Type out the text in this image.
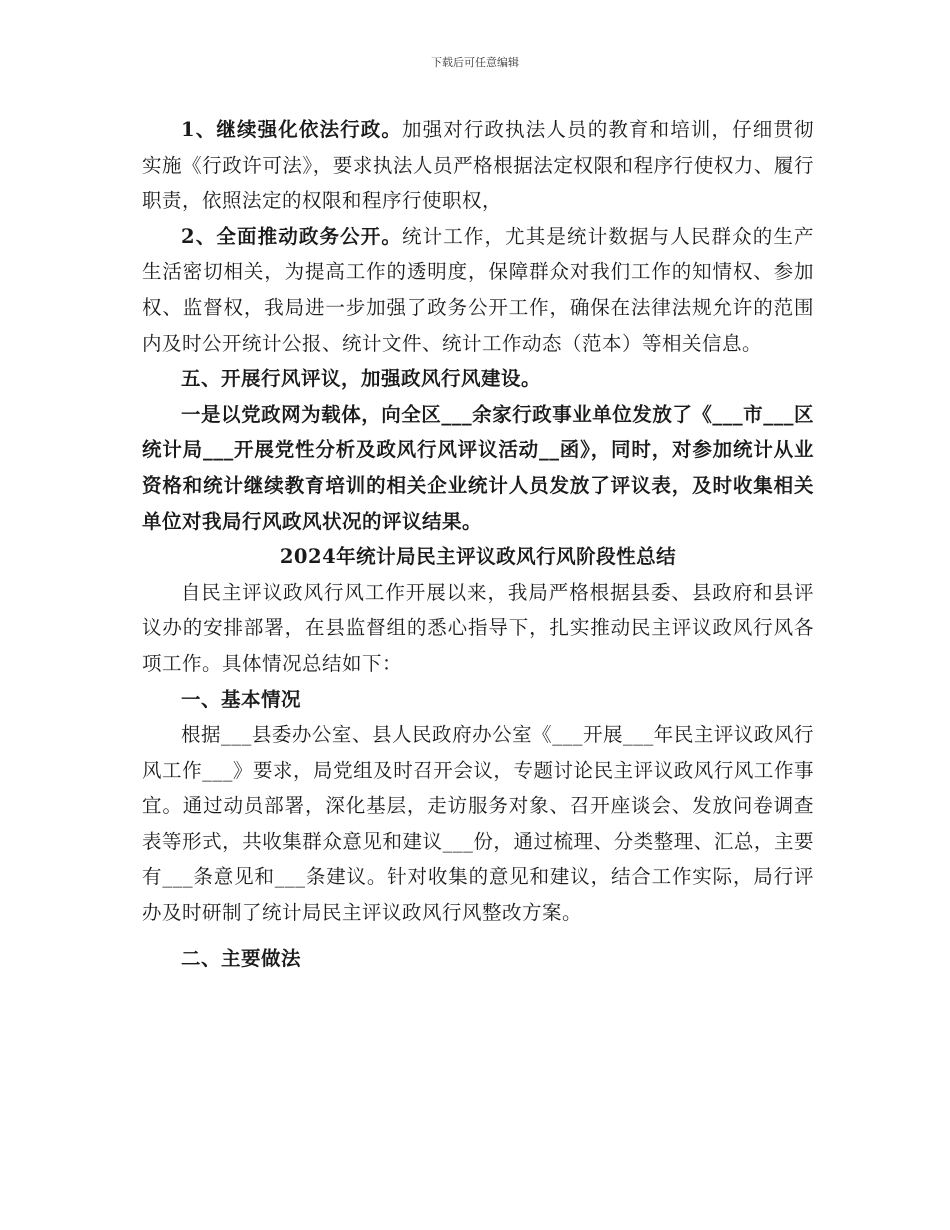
下载后可任意编辑

1、继续强化依法行政。加强对行政执法人员的教育和培训，仔细贯彻实施《行政许可法》，要求执法人员严格根据法定权限和程序行使权力、履行职责，依照法定的权限和程序行使职权，

2、全面推动政务公开。统计工作，尤其是统计数据与人民群众的生产生活密切相关，为提高工作的透明度，保障群众对我们工作的知情权、参加权、监督权，我局进一步加强了政务公开工作，确保在法律法规允许的范围内及时公开统计公报、统计文件、统计工作动态（范本）等相关信息。

五、开展行风评议，加强政风行风建设。

一是以党政网为载体，向全区___余家行政事业单位发放了《___市___区统计局___开展党性分析及政风行风评议活动__函》，同时，对参加统计从业资格和统计继续教育培训的相关企业统计人员发放了评议表，及时收集相关单位对我局行风政风状况的评议结果。

2024年统计局民主评议政风行风阶段性总结

自民主评议政风行风工作开展以来，我局严格根据县委、县政府和县评议办的安排部署，在县监督组的悉心指导下，扎实推动民主评议政风行风各项工作。具体情况总结如下：

一、基本情况

根据___县委办公室、县人民政府办公室《___开展___年民主评议政风行风工作___》要求，局党组及时召开会议，专题讨论民主评议政风行风工作事宜。通过动员部署，深化基层，走访服务对象、召开座谈会、发放问卷调查表等形式，共收集群众意见和建议___份，通过梳理、分类整理、汇总，主要有___条意见和___条建议。针对收集的意见和建议，结合工作实际，局行评办及时研制了统计局民主评议政风行风整改方案。

二、主要做法
